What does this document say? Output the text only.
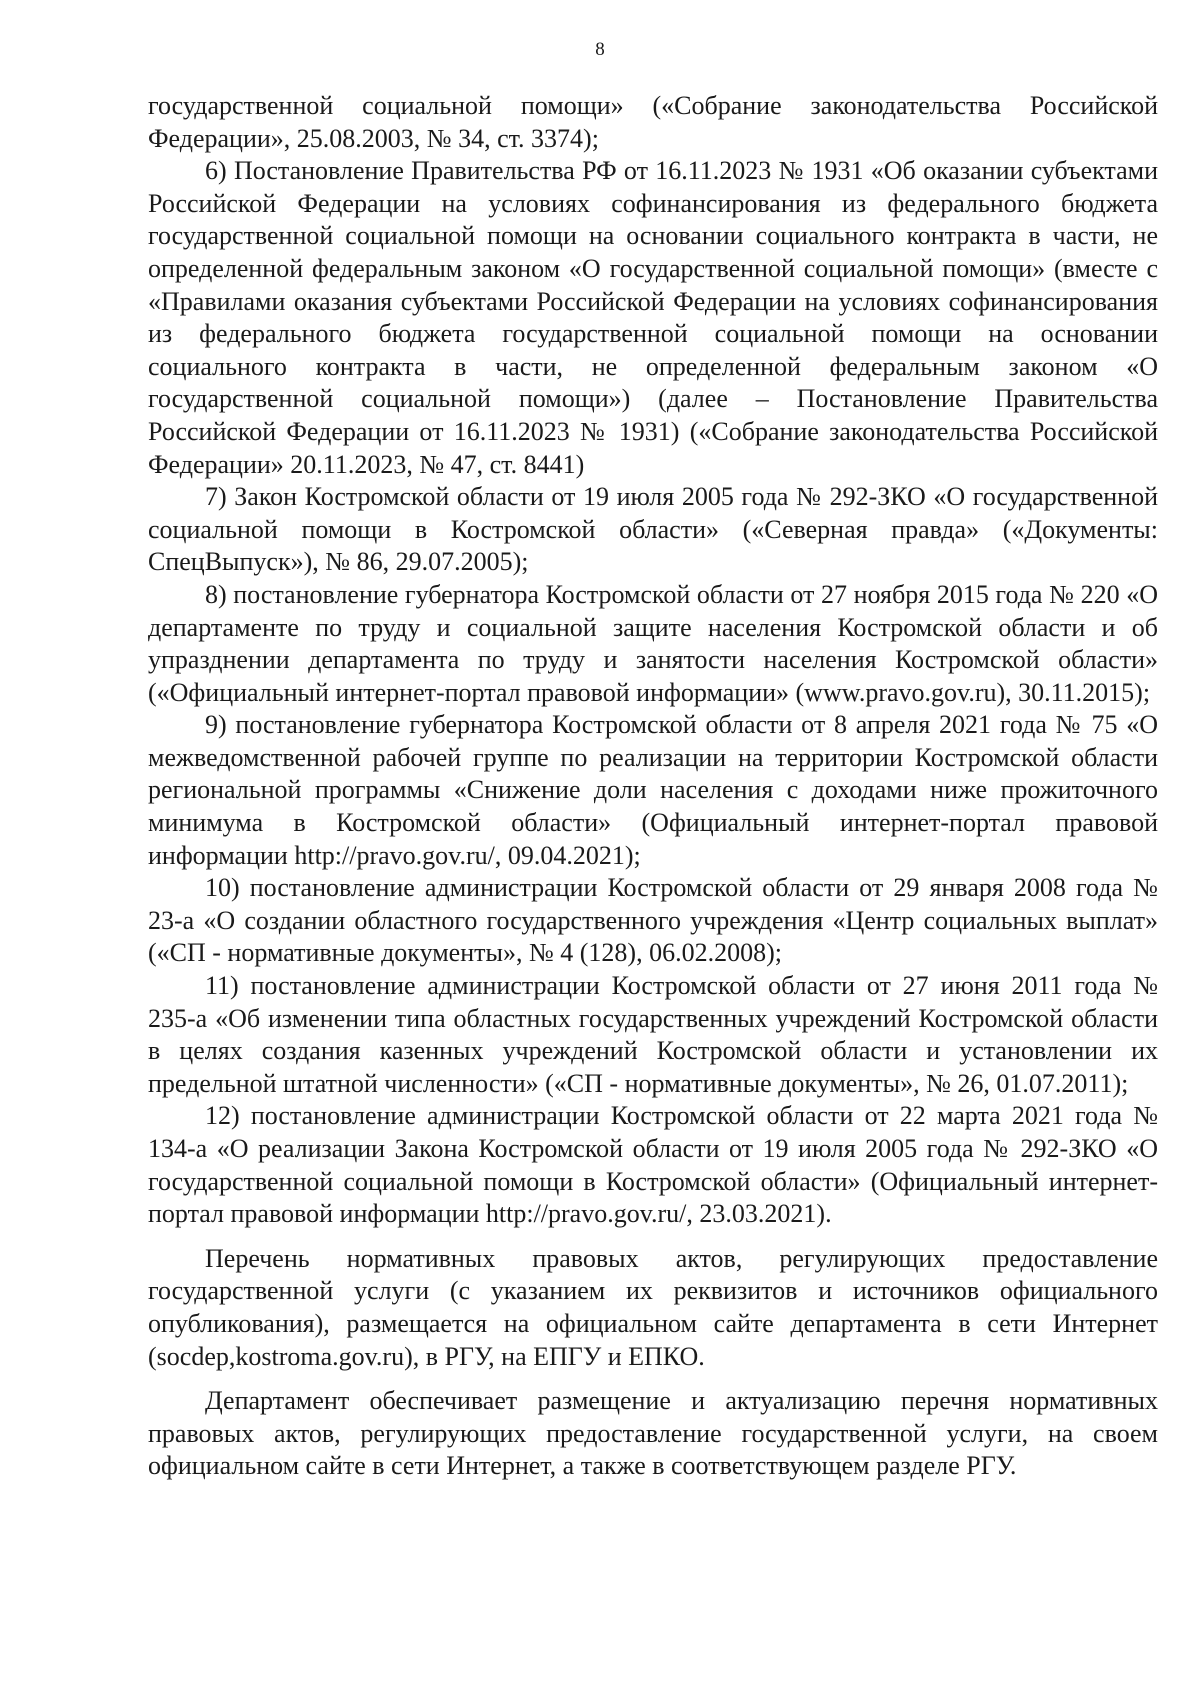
8

государственной социальной помощи» («Собрание законодательства Российской Федерации», 25.08.2003, № 34, ст. 3374);

6) Постановление Правительства РФ от 16.11.2023 № 1931 «Об оказании субъектами Российской Федерации на условиях софинансирования из федерального бюджета государственной социальной помощи на основании социального контракта в части, не определенной федеральным законом «О государственной социальной помощи» (вместе с «Правилами оказания субъектами Российской Федерации на условиях софинансирования из федерального бюджета государственной социальной помощи на основании социального контракта в части, не определенной федеральным законом «О государственной социальной помощи») (далее – Постановление Правительства Российской Федерации от 16.11.2023 № 1931) («Собрание законодательства Российской Федерации» 20.11.2023, № 47, ст. 8441)

7) Закон Костромской области от 19 июля 2005 года № 292-ЗКО «О государственной социальной помощи в Костромской области» («Северная правда» («Документы: СпецВыпуск»), № 86, 29.07.2005);

8) постановление губернатора Костромской области от 27 ноября 2015 года № 220 «О департаменте по труду и социальной защите населения Костромской области и об упразднении департамента по труду и занятости населения Костромской области» («Официальный интернет-портал правовой информации» (www.pravo.gov.ru), 30.11.2015);

9) постановление губернатора Костромской области от 8 апреля 2021 года № 75 «О межведомственной рабочей группе по реализации на территории Костромской области региональной программы «Снижение доли населения с доходами ниже прожиточного минимума в Костромской области» (Официальный интернет-портал правовой информации http://pravo.gov.ru/, 09.04.2021);

10) постановление администрации Костромской области от 29 января 2008 года № 23-а «О создании областного государственного учреждения «Центр социальных выплат» («СП - нормативные документы», № 4 (128), 06.02.2008);

11) постановление администрации Костромской области от 27 июня 2011 года № 235-а «Об изменении типа областных государственных учреждений Костромской области в целях создания казенных учреждений Костромской области и установлении их предельной штатной численности» («СП - нормативные документы», № 26, 01.07.2011);

12) постановление администрации Костромской области от 22 марта 2021 года № 134-а «О реализации Закона Костромской области от 19 июля 2005 года № 292-ЗКО «О государственной социальной помощи в Костромской области» (Официальный интернет-портал правовой информации http://pravo.gov.ru/, 23.03.2021).

Перечень нормативных правовых актов, регулирующих предоставление государственной услуги (с указанием их реквизитов и источников официального опубликования), размещается на официальном сайте департамента в сети Интернет (socdep,kostroma.gov.ru), в РГУ, на ЕПГУ и ЕПКО.

Департамент обеспечивает размещение и актуализацию перечня нормативных правовых актов, регулирующих предоставление государственной услуги, на своем официальном сайте в сети Интернет, а также в соответствующем разделе РГУ.
